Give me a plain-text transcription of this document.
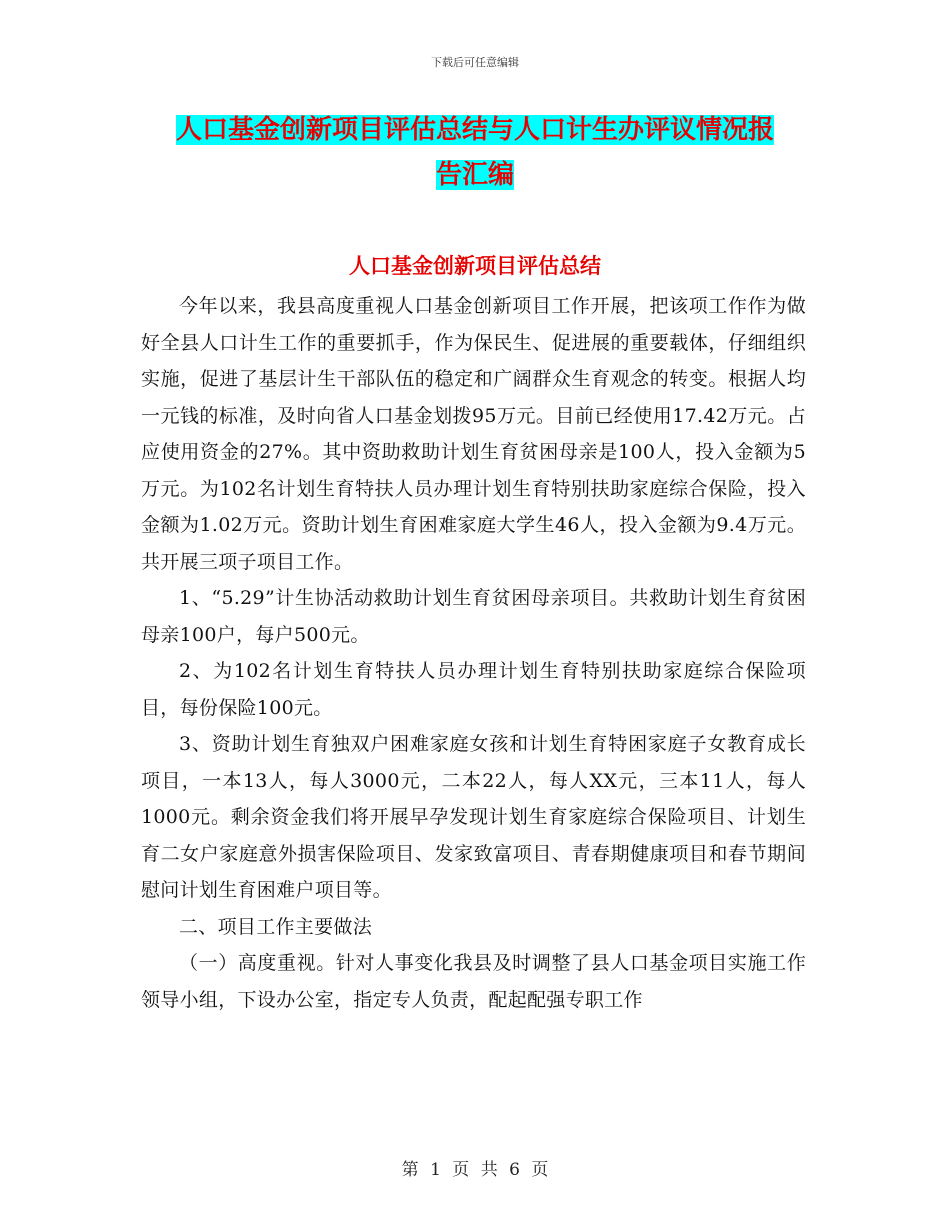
下载后可任意编辑
人口基金创新项目评估总结与人口计生办评议情况报
告汇编
人口基金创新项目评估总结

今年以来，我县高度重视人口基金创新项目工作开展，把该项工作作为做好全县人口计生工作的重要抓手，作为保民生、促进展的重要载体，仔细组织实施，促进了基层计生干部队伍的稳定和广阔群众生育观念的转变。根据人均一元钱的标准，及时向省人口基金划拨95万元。目前已经使用17.42万元。占应使用资金的27%。其中资助救助计划生育贫困母亲是100人，投入金额为5万元。为102名计划生育特扶人员办理计划生育特别扶助家庭综合保险，投入金额为1.02万元。资助计划生育困难家庭大学生46人，投入金额为9.4万元。共开展三项子项目工作。

1、“5.29”计生协活动救助计划生育贫困母亲项目。共救助计划生育贫困母亲100户，每户500元。

2、为102名计划生育特扶人员办理计划生育特别扶助家庭综合保险项目，每份保险100元。

3、资助计划生育独双户困难家庭女孩和计划生育特困家庭子女教育成长项目，一本13人，每人3000元，二本22人，每人XX元，三本11人，每人1000元。剩余资金我们将开展早孕发现计划生育家庭综合保险项目、计划生育二女户家庭意外损害保险项目、发家致富项目、青春期健康项目和春节期间慰问计划生育困难户项目等。

二、项目工作主要做法

（一）高度重视。针对人事变化我县及时调整了县人口基金项目实施工作领导小组，下设办公室，指定专人负责，配起配强专职工作

第 1 页 共 6 页
